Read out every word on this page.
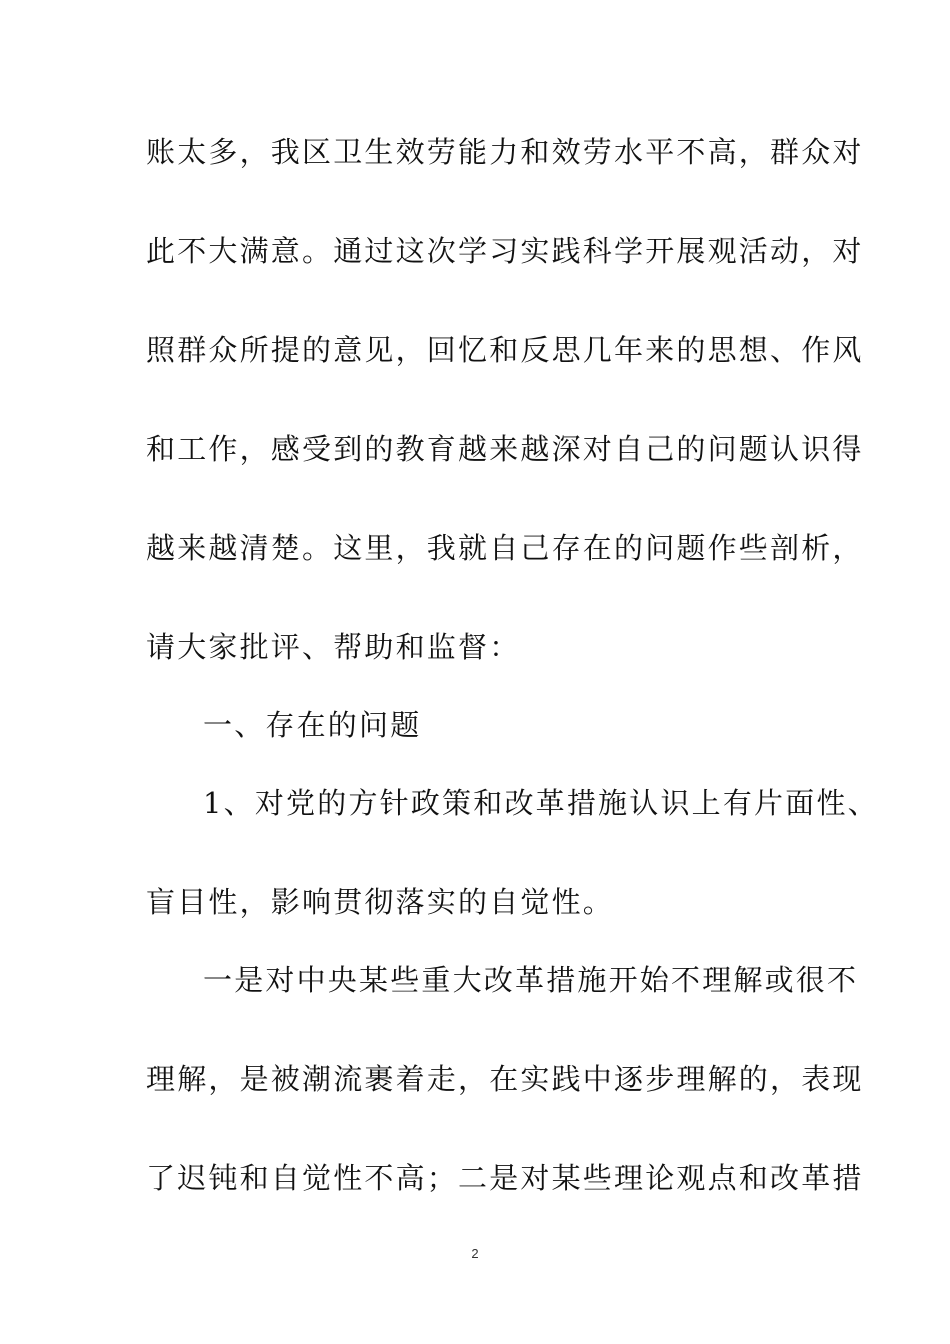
账太多，我区卫生效劳能力和效劳水平不高，群众对
此不大满意。通过这次学习实践科学开展观活动，对
照群众所提的意见，回忆和反思几年来的思想、作风
和工作，感受到的教育越来越深对自己的问题认识得
越来越清楚。这里，我就自己存在的问题作些剖析，
请大家批评、帮助和监督：
一、存在的问题
1、对党的方针政策和改革措施认识上有片面性、
盲目性，影响贯彻落实的自觉性。
一是对中央某些重大改革措施开始不理解或很不
理解，是被潮流裹着走，在实践中逐步理解的，表现
了迟钝和自觉性不高；二是对某些理论观点和改革措
2
